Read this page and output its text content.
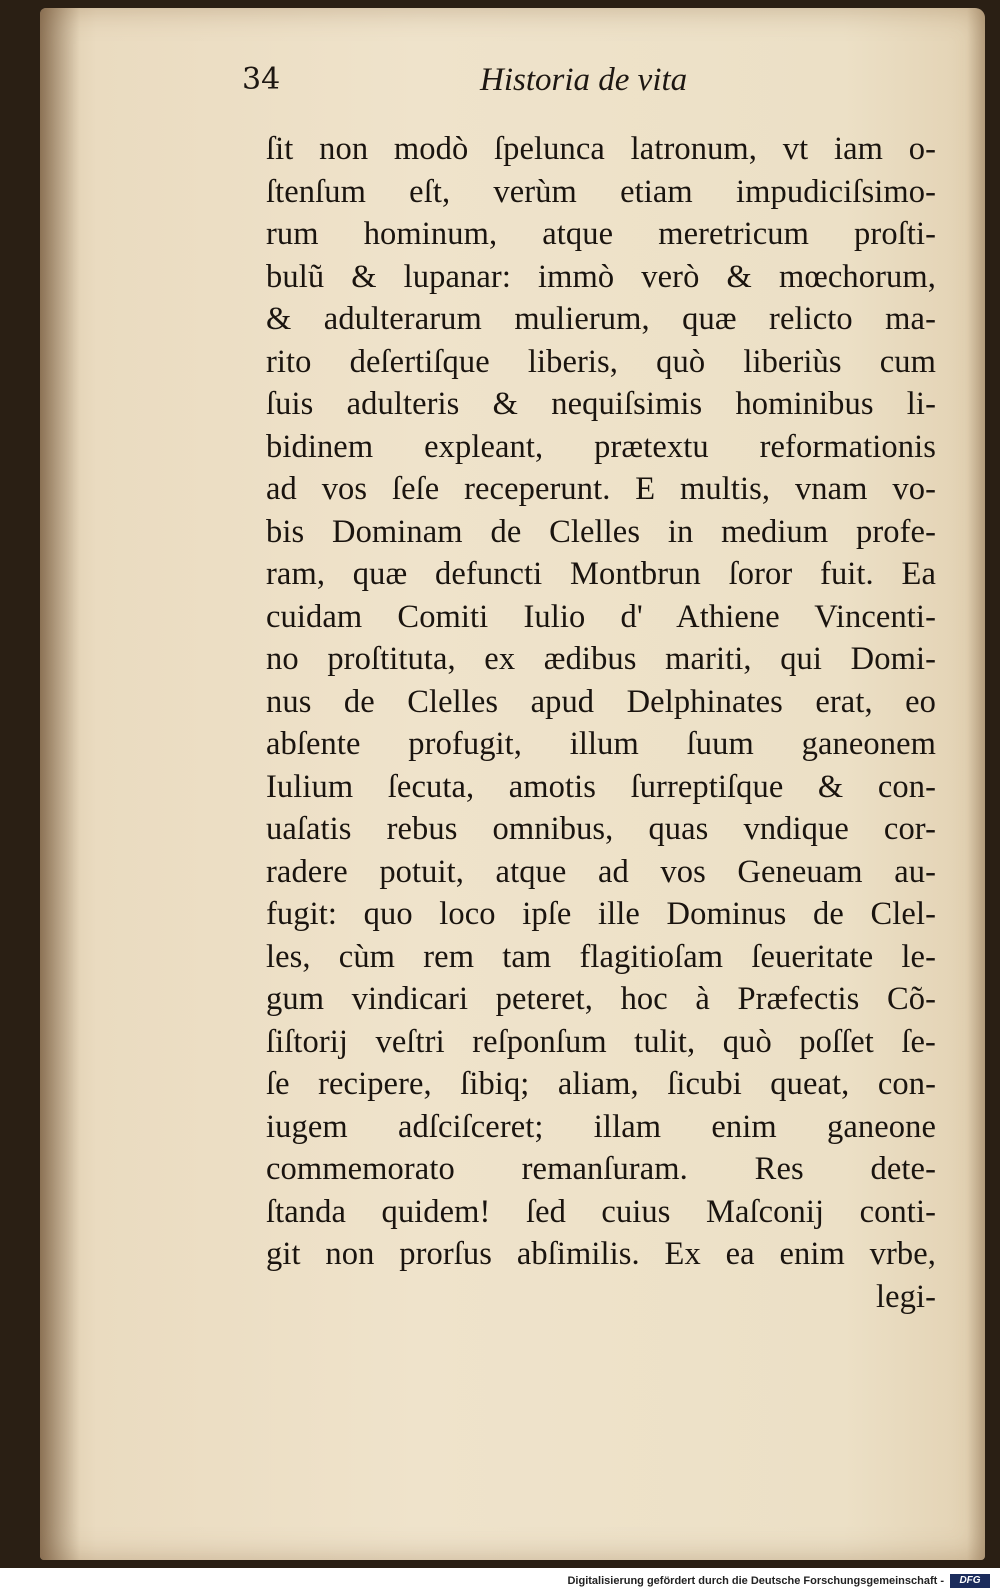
34	Historia de vita
ſit non modò ſpelunca latronum, vt iam o-
ſtenſum eſt, verùm etiam impudiciſsimo-
rum hominum, atque meretricum proſti-
bulũ & lupanar: immò verò & mœchorum,
& adulterarum mulierum, quæ relicto ma-
rito deſertiſque liberis, quò liberiùs cum
ſuis adulteris & nequiſsimis hominibus li-
bidinem expleant, prætextu reformationis
ad vos ſeſe receperunt. E multis, vnam vo-
bis Dominam de Clelles in medium profe-
ram, quæ defuncti Montbrun ſoror fuit. Ea
cuidam Comiti Iulio d' Athiene Vincenti-
no proſtituta, ex ædibus mariti, qui Domi-
nus de Clelles apud Delphinates erat, eo
abſente profugit, illum ſuum ganeonem
Iulium ſecuta, amotis ſurreptiſque & con-
uaſatis rebus omnibus, quas vndique cor-
radere potuit, atque ad vos Geneuam au-
fugit: quo loco ipſe ille Dominus de Clel-
les, cùm rem tam flagitioſam ſeueritate le-
gum vindicari peteret, hoc à Præfectis Cõ-
ſiſtorij veſtri reſponſum tulit, quò poſſet ſe-
ſe recipere, ſibiq; aliam, ſicubi queat, con-
iugem adſciſceret; illam enim ganeone
commemorato remanſuram. Res dete-
ſtanda quidem! ſed cuius Maſconij conti-
git non prorſus abſimilis. Ex ea enim vrbe,
legi-
Digitalisierung gefördert durch die Deutsche Forschungsgemeinschaft -	DFG
